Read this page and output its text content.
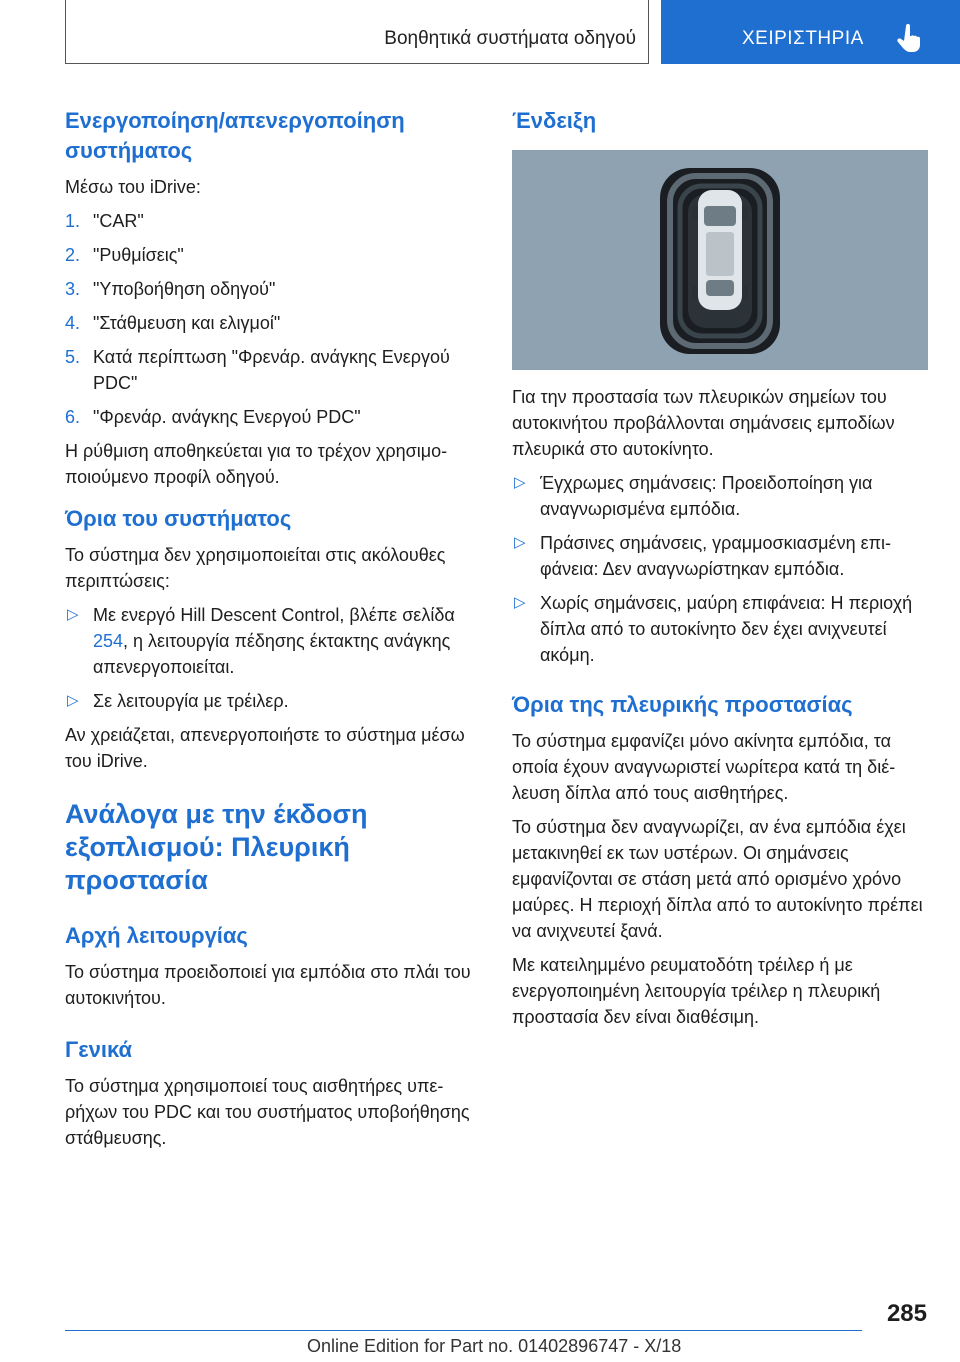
Βοηθητικά συστήματα οδηγού	ΧΕΙΡΙΣΤΗΡΙΑ
Ενεργοποίηση/απενεργοποίηση συστήματος

Μέσω του iDrive:

1. "CAR"
2. "Ρυθμίσεις"
3. "Υποβοήθηση οδηγού"
4. "Στάθμευση και ελιγμοί"
5. Κατά περίπτωση "Φρενάρ. ανάγκης Ενεργού PDC"
6. "Φρενάρ. ανάγκης Ενεργού PDC"

Η ρύθμιση αποθηκεύεται για το τρέχον χρησιμοποιούμενο προφίλ οδηγού.

Όρια του συστήματος

Το σύστημα δεν χρησιμοποιείται στις ακόλουθες περιπτώσεις:

▷ Με ενεργό Hill Descent Control, βλέπε σελίδα 254, η λειτουργία πέδησης έκτακτης ανάγκης απενεργοποιείται.
▷ Σε λειτουργία με τρέιλερ.

Αν χρειάζεται, απενεργοποιήστε το σύστημα μέσω του iDrive.

Ανάλογα με την έκδοση εξοπλισμού: Πλευρική προστασία
Αρχή λειτουργίας

Το σύστημα προειδοποιεί για εμπόδια στο πλάι του αυτοκινήτου.

Γενικά

Το σύστημα χρησιμοποιεί τους αισθητήρες υπερήχων του PDC και του συστήματος υποβοήθησης στάθμευσης.

Ένδειξη

Για την προστασία των πλευρικών σημείων του αυτοκινήτου προβάλλονται σημάνσεις εμποδίων πλευρικά στο αυτοκίνητο.

▷ Έγχρωμες σημάνσεις: Προειδοποίηση για αναγνωρισμένα εμπόδια.
▷ Πράσινες σημάνσεις, γραμμοσκιασμένη επιφάνεια: Δεν αναγνωρίστηκαν εμπόδια.
▷ Χωρίς σημάνσεις, μαύρη επιφάνεια: Η περιοχή δίπλα από το αυτοκίνητο δεν έχει ανιχνευτεί ακόμη.
Όρια της πλευρικής προστασίας

Το σύστημα εμφανίζει μόνο ακίνητα εμπόδια, τα οποία έχουν αναγνωριστεί νωρίτερα κατά τη διέλευση δίπλα από τους αισθητήρες.

Το σύστημα δεν αναγνωρίζει, αν ένα εμπόδια έχει μετακινηθεί εκ των υστέρων. Οι σημάνσεις εμφανίζονται σε στάση μετά από ορισμένο χρόνο μαύρες. Η περιοχή δίπλα από το αυτοκίνητο πρέπει να ανιχνευτεί ξανά.

Με κατειλημμένο ρευματοδότη τρέιλερ ή με ενεργοποιημένη λειτουργία τρέιλερ η πλευρική προστασία δεν είναι διαθέσιμη.

285
Online Edition for Part no. 01402896747 - X/18
